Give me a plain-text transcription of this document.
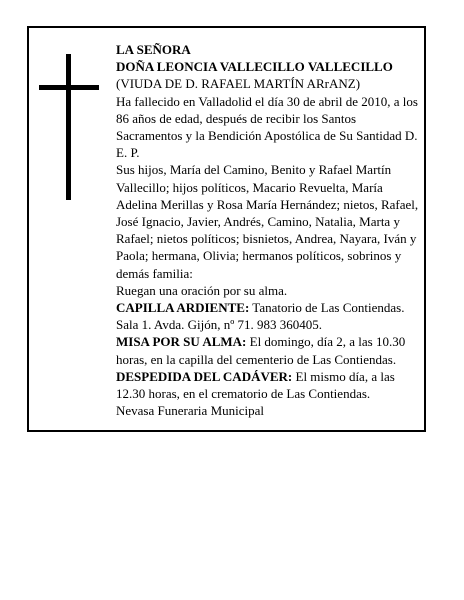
LA SEÑORA

DOÑA LEONCIA VALLECILLO VALLECILLO

(VIUDA DE D. RAFAEL MARTÍN ARrANZ)

Ha fallecido en Valladolid el día 30 de abril de 2010, a los 86 años de edad, después de recibir los Santos Sacramentos y la Bendición Apostólica de Su Santidad D. E. P.

Sus hijos, María del Camino, Benito y Rafael Martín Vallecillo; hijos políticos, Macario Revuelta, María Adelina Merillas y Rosa María Hernández; nietos, Rafael, José Ignacio, Javier, Andrés, Camino, Natalia, Marta y Rafael; nietos políticos; bisnietos, Andrea, Nayara, Iván y Paola; hermana, Olivia; hermanos políticos, sobrinos y demás familia:

Ruegan una oración por su alma.

CAPILLA ARDIENTE: Tanatorio de Las Contiendas. Sala 1. Avda. Gijón, nº 71. 983 360405.

MISA POR SU ALMA: El domingo, día 2, a las 10.30 horas, en la capilla del cementerio de Las Contiendas.

DESPEDIDA DEL CADÁVER: El mismo día, a las 12.30 horas, en el crematorio de Las Contiendas.

Nevasa Funeraria Municipal
